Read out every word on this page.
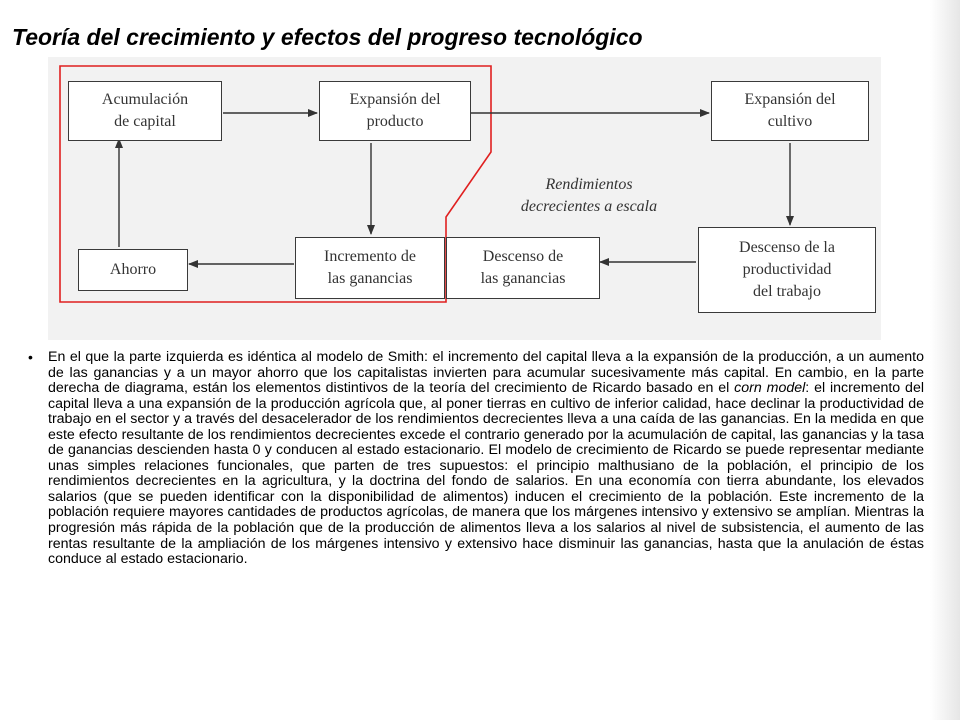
Teoría del crecimiento y efectos del progreso tecnológico
Acumulación
de capital
Expansión del
producto
Expansión del
cultivo
Ahorro
Incremento de
las ganancias
Descenso de
las ganancias
Descenso de la
productividad
del trabajo
Rendimientos
decrecientes a escala
• En el que la parte izquierda es idéntica al modelo de Smith: el incremento del capital lleva a la expansión de la producción, a un aumento de las ganancias y a un mayor ahorro que los capitalistas invierten para acumular sucesivamente más capital. En cambio, en la parte derecha de diagrama, están los elementos distintivos de la teoría del crecimiento de Ricardo basado en el corn model: el incremento del capital lleva a una expansión de la producción agrícola que, al poner tierras en cultivo de inferior calidad, hace declinar la productividad de trabajo en el sector y a través del desacelerador de los rendimientos decrecientes lleva a una caída de las ganancias. En la medida en que este efecto resultante de los rendimientos decrecientes excede el contrario generado por la acumulación de capital, las ganancias y la tasa de ganancias descienden hasta 0 y conducen al estado estacionario. El modelo de crecimiento de Ricardo se puede representar mediante unas simples relaciones funcionales, que parten de tres supuestos: el principio malthusiano de la población, el principio de los rendimientos decrecientes en la agricultura, y la doctrina del fondo de salarios. En una economía con tierra abundante, los elevados salarios (que se pueden identificar con la disponibilidad de alimentos) inducen el crecimiento de la población. Este incremento de la población requiere mayores cantidades de productos agrícolas, de manera que los márgenes intensivo y extensivo se amplían. Mientras la progresión más rápida de la población que de la producción de alimentos lleva a los salarios al nivel de subsistencia, el aumento de las rentas resultante de la ampliación de los márgenes intensivo y extensivo hace disminuir las ganancias, hasta que la anulación de éstas conduce al estado estacionario.
